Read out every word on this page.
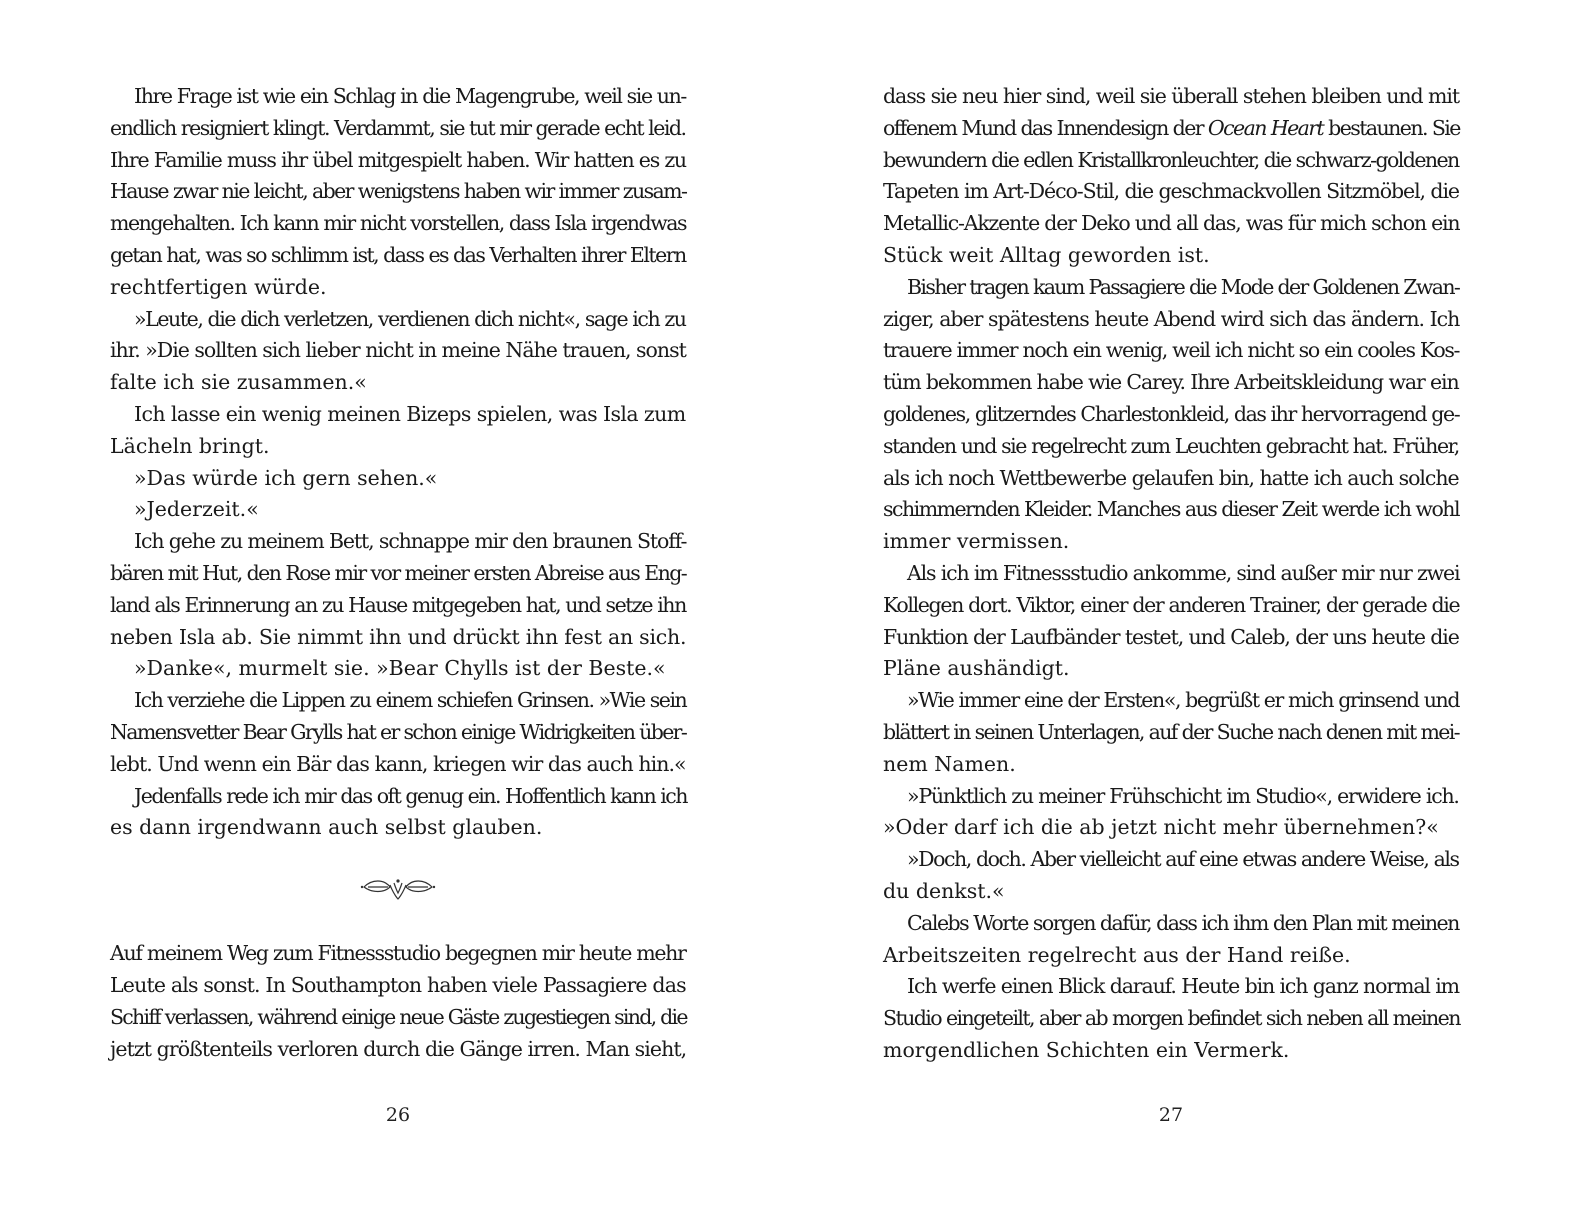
Ihre Frage ist wie ein Schlag in die Magengrube, weil sie un-
endlich resigniert klingt. Verdammt, sie tut mir gerade echt leid.
Ihre Familie muss ihr übel mitgespielt haben. Wir hatten es zu
Hause zwar nie leicht, aber wenigstens haben wir immer zusam-
mengehalten. Ich kann mir nicht vorstellen, dass Isla irgendwas
getan hat, was so schlimm ist, dass es das Verhalten ihrer Eltern
rechtfertigen würde.

»Leute, die dich verletzen, verdienen dich nicht«, sage ich zu
ihr. »Die sollten sich lieber nicht in meine Nähe trauen, sonst
falte ich sie zusammen.«

Ich lasse ein wenig meinen Bizeps spielen, was Isla zum
Lächeln bringt.

»Das würde ich gern sehen.«

»Jederzeit.«

Ich gehe zu meinem Bett, schnappe mir den braunen Stoff-
bären mit Hut, den Rose mir vor meiner ersten Abreise aus Eng-
land als Erinnerung an zu Hause mitgegeben hat, und setze ihn
neben Isla ab. Sie nimmt ihn und drückt ihn fest an sich.

»Danke«, murmelt sie. »Bear Chylls ist der Beste.«

Ich verziehe die Lippen zu einem schiefen Grinsen. »Wie sein
Namensvetter Bear Grylls hat er schon einige Widrigkeiten über-
lebt. Und wenn ein Bär das kann, kriegen wir das auch hin.«

Jedenfalls rede ich mir das oft genug ein. Hoffentlich kann ich
es dann irgendwann auch selbst glauben.

Auf meinem Weg zum Fitnessstudio begegnen mir heute mehr
Leute als sonst. In Southampton haben viele Passagiere das
Schiff verlassen, während einige neue Gäste zugestiegen sind, die
jetzt größtenteils verloren durch die Gänge irren. Man sieht,

dass sie neu hier sind, weil sie überall stehen bleiben und mit
offenem Mund das Innendesign der Ocean Heart bestaunen. Sie
bewundern die edlen Kristallkronleuchter, die schwarz-goldenen
Tapeten im Art-Déco-Stil, die geschmackvollen Sitzmöbel, die
Metallic-Akzente der Deko und all das, was für mich schon ein
Stück weit Alltag geworden ist.

Bisher tragen kaum Passagiere die Mode der Goldenen Zwan-
ziger, aber spätestens heute Abend wird sich das ändern. Ich
trauere immer noch ein wenig, weil ich nicht so ein cooles Kos-
tüm bekommen habe wie Carey. Ihre Arbeitskleidung war ein
goldenes, glitzerndes Charlestonkleid, das ihr hervorragend ge-
standen und sie regelrecht zum Leuchten gebracht hat. Früher,
als ich noch Wettbewerbe gelaufen bin, hatte ich auch solche
schimmernden Kleider. Manches aus dieser Zeit werde ich wohl
immer vermissen.

Als ich im Fitnessstudio ankomme, sind außer mir nur zwei
Kollegen dort. Viktor, einer der anderen Trainer, der gerade die
Funktion der Laufbänder testet, und Caleb, der uns heute die
Pläne aushändigt.

»Wie immer eine der Ersten«, begrüßt er mich grinsend und
blättert in seinen Unterlagen, auf der Suche nach denen mit mei-
nem Namen.

»Pünktlich zu meiner Frühschicht im Studio«, erwidere ich.
»Oder darf ich die ab jetzt nicht mehr übernehmen?«

»Doch, doch. Aber vielleicht auf eine etwas andere Weise, als
du denkst.«

Calebs Worte sorgen dafür, dass ich ihm den Plan mit meinen
Arbeitszeiten regelrecht aus der Hand reiße.

Ich werfe einen Blick darauf. Heute bin ich ganz normal im
Studio eingeteilt, aber ab morgen befindet sich neben all meinen
morgendlichen Schichten ein Vermerk.

26	27
